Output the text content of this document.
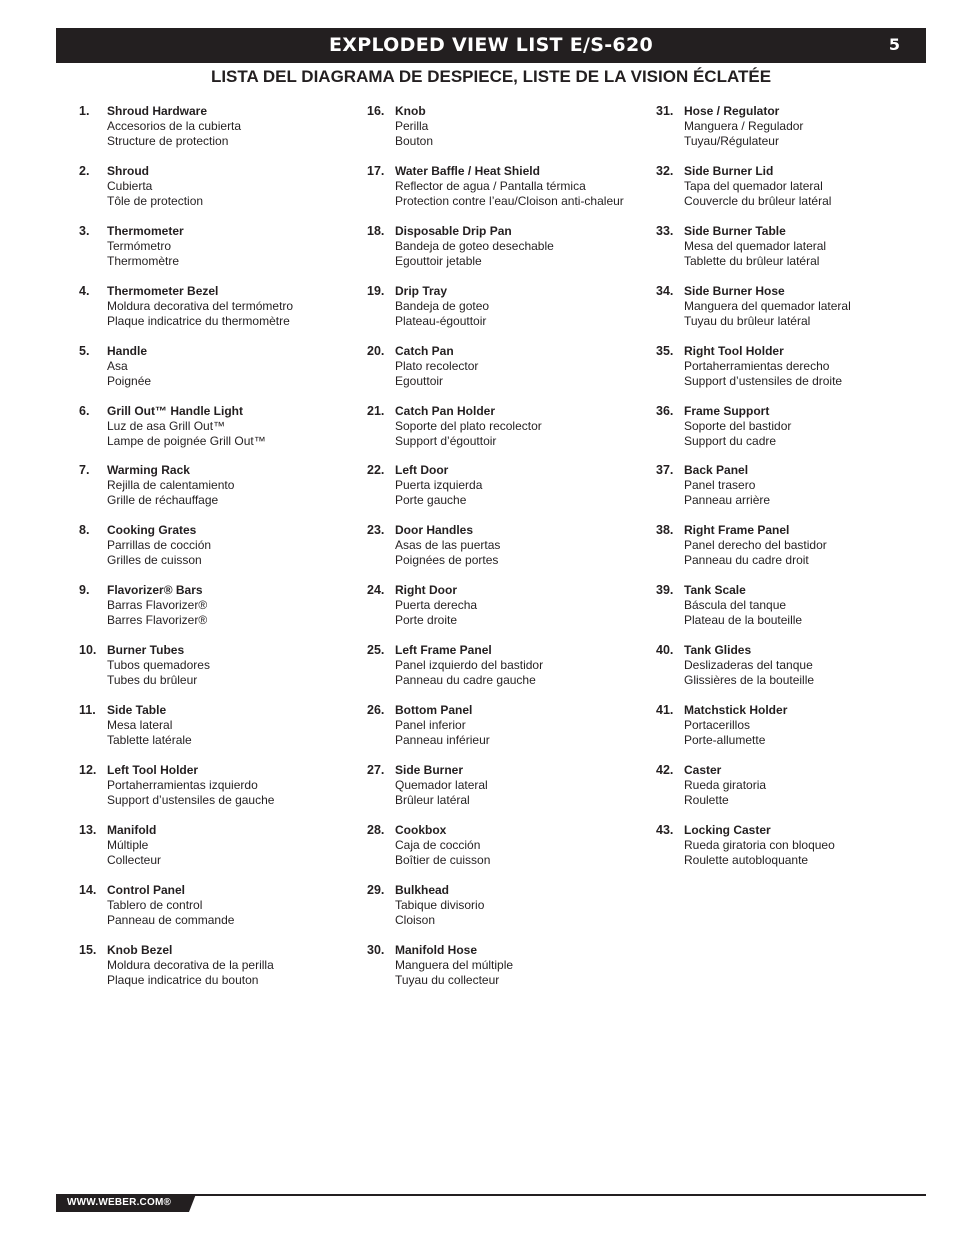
EXPLODED VIEW LIST E/S-620	5
LISTA DEL DIAGRAMA DE DESPIECE, LISTE DE LA VISION ÉCLATÉE
1. Shroud Hardware
Accesorios de la cubierta
Structure de protection
2. Shroud
Cubierta
Tôle de protection
3. Thermometer
Termómetro
Thermomètre
4. Thermometer Bezel
Moldura decorativa del termómetro
Plaque indicatrice du thermomètre
5. Handle
Asa
Poignée
6. Grill Out™ Handle Light
Luz de asa Grill Out™
Lampe de poignée Grill Out™
7. Warming Rack
Rejilla de calentamiento
Grille de réchauffage
8. Cooking Grates
Parrillas de cocción
Grilles de cuisson
9. Flavorizer® Bars
Barras Flavorizer®
Barres Flavorizer®
10. Burner Tubes
Tubos quemadores
Tubes du brûleur
11. Side Table
Mesa lateral
Tablette latérale
12. Left Tool Holder
Portaherramientas izquierdo
Support d’ustensiles de gauche
13. Manifold
Múltiple
Collecteur
14. Control Panel
Tablero de control
Panneau de commande
15. Knob Bezel
Moldura decorativa de la perilla
Plaque indicatrice du bouton
16. Knob
Perilla
Bouton
17. Water Baffle / Heat Shield
Reflector de agua / Pantalla térmica
Protection contre l’eau/Cloison anti-chaleur
18. Disposable Drip Pan
Bandeja de goteo desechable
Egouttoir jetable
19. Drip Tray
Bandeja de goteo
Plateau-égouttoir
20. Catch Pan
Plato recolector
Egouttoir
21. Catch Pan Holder
Soporte del plato recolector
Support d’égouttoir
22. Left Door
Puerta izquierda
Porte gauche
23. Door Handles
Asas de las puertas
Poignées de portes
24. Right Door
Puerta derecha
Porte droite
25. Left Frame Panel
Panel izquierdo del bastidor
Panneau du cadre gauche
26. Bottom Panel
Panel inferior
Panneau inférieur
27. Side Burner
Quemador lateral
Brûleur latéral
28. Cookbox
Caja de cocción
Boîtier de cuisson
29. Bulkhead
Tabique divisorio
Cloison
30. Manifold Hose
Manguera del múltiple
Tuyau du collecteur
31. Hose / Regulator
Manguera / Regulador
Tuyau/Régulateur
32. Side Burner Lid
Tapa del quemador lateral
Couvercle du brûleur latéral
33. Side Burner Table
Mesa del quemador lateral
Tablette du brûleur latéral
34. Side Burner Hose
Manguera del quemador lateral
Tuyau du brûleur latéral
35. Right Tool Holder
Portaherramientas derecho
Support d’ustensiles de droite
36. Frame Support
Soporte del bastidor
Support du cadre
37. Back Panel
Panel trasero
Panneau arrière
38. Right Frame Panel
Panel derecho del bastidor
Panneau du cadre droit
39. Tank Scale
Báscula del tanque
Plateau de la bouteille
40. Tank Glides
Deslizaderas del tanque
Glissières de la bouteille
41. Matchstick Holder
Portacerillos
Porte-allumette
42. Caster
Rueda giratoria
Roulette
43. Locking Caster
Rueda giratoria con bloqueo
Roulette autobloquante
WWW.WEBER.COM®
